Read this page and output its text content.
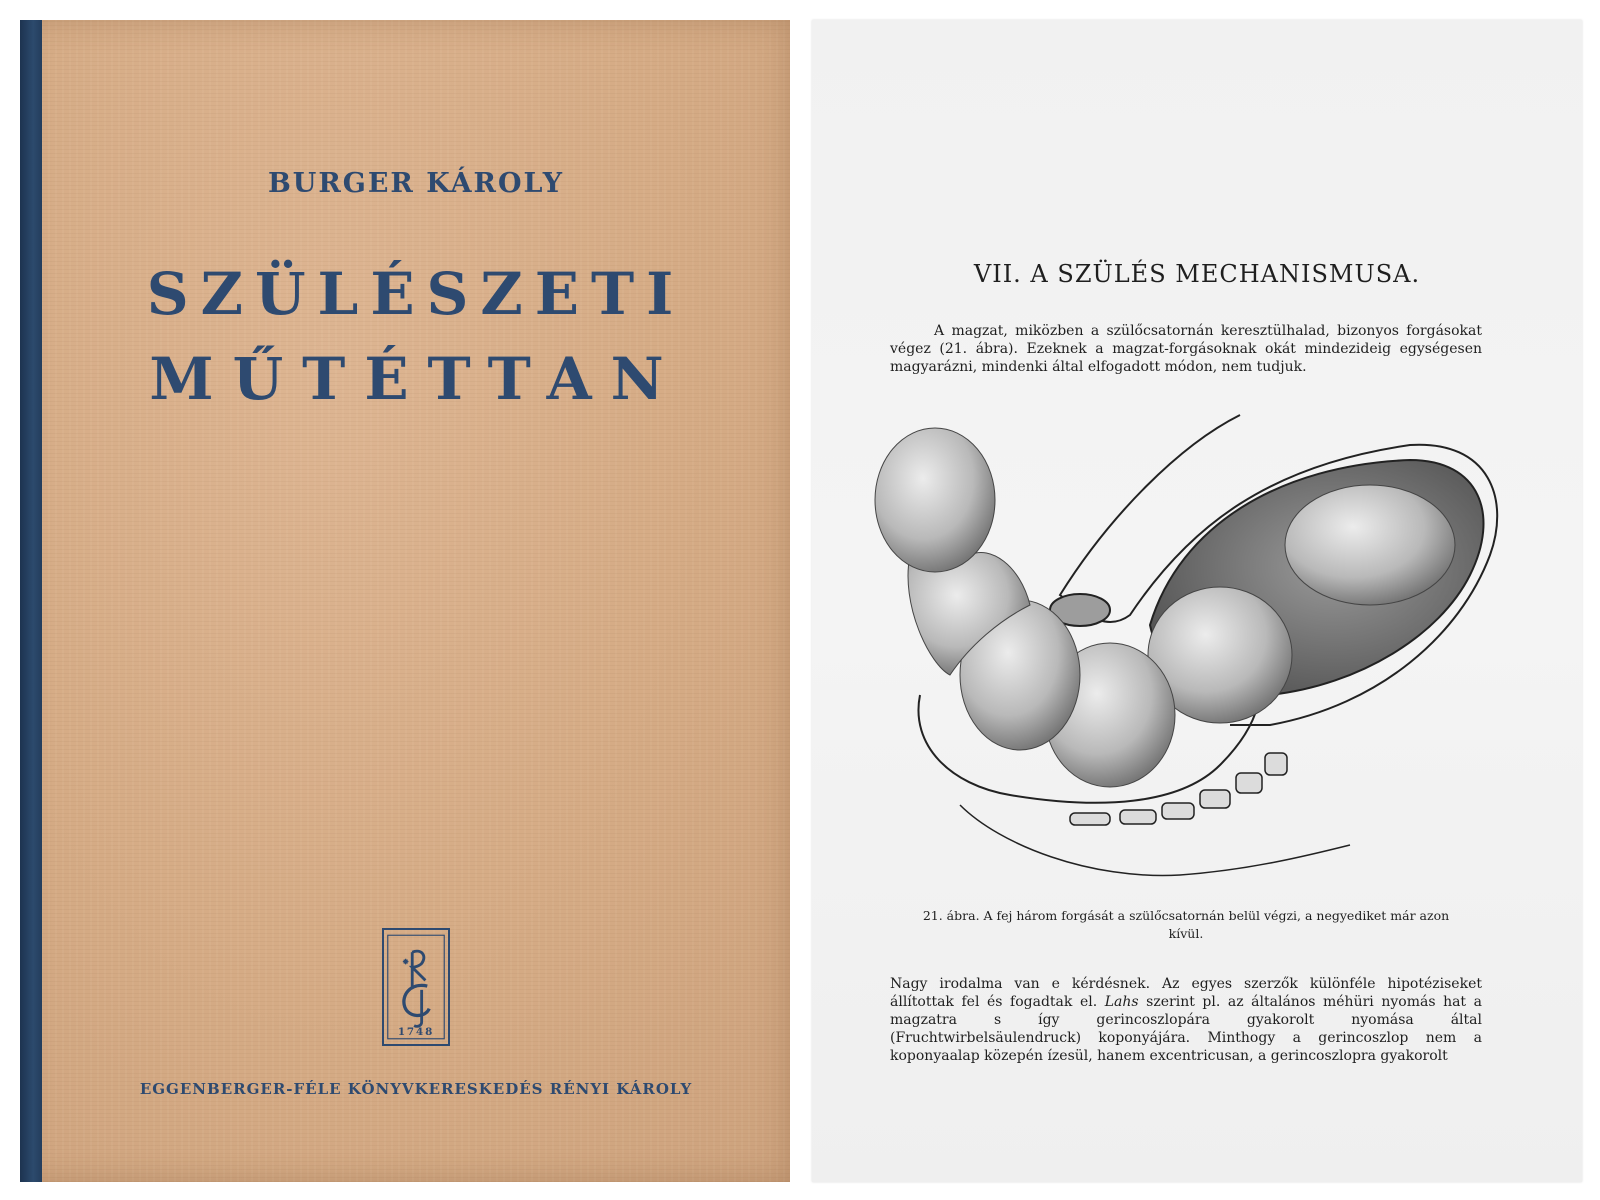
BURGER KÁROLY
SZÜLÉSZETI
MŰTÉTTAN
1748
EGGENBERGER-FÉLE KÖNYVKERESKEDÉS RÉNYI KÁROLY
VII. A SZÜLÉS MECHANISMUSA.
A magzat, miközben a szülőcsatornán keresztülhalad, bizonyos forgásokat végez (21. ábra). Ezeknek a magzat-forgásoknak okát mindezideig egységesen magyarázni, mindenki által elfogadott módon, nem tudjuk.
21. ábra. A fej három forgását a szülőcsatornán belül végzi, a negyediket már azon kívül.
Nagy irodalma van e kérdésnek. Az egyes szerzők különféle hipotéziseket állítottak fel és fogadtak el. Lahs szerint pl. az általános méhüri nyomás hat a magzatra s így gerincoszlopára gyakorolt nyomása által (Fruchtwirbelsäulendruck) koponyájára. Minthogy a gerincoszlop nem a koponyaalap közepén ízesül, hanem excentricusan, a gerincoszlopra gyakorolt
